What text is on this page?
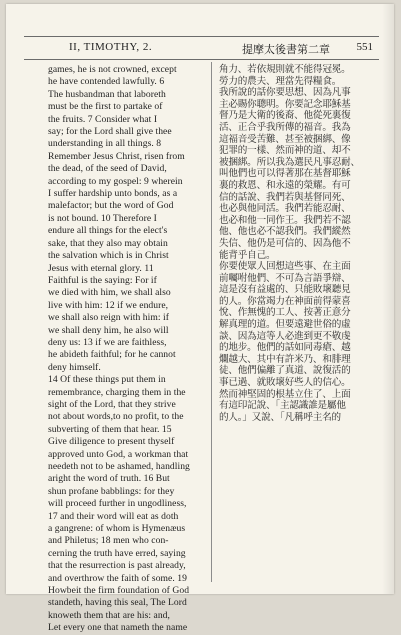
II, TIMOTHY, 2.	提摩太後書第二章 551
games, he is not crowned, except
he have contended lawfully. 6
The husbandman that laboreth
must be the first to partake of
the fruits. 7 Consider what I
say; for the Lord shall give thee
understanding in all things. 8
Remember Jesus Christ, risen from
the dead, of the seed of David,
according to my gospel: 9 wherein
I suffer hardship unto bonds, as a
malefactor; but the word of God
is not bound. 10 Therefore I
endure all things for the elect's
sake, that they also may obtain
the salvation which is in Christ
Jesus with eternal glory. 11
Faithful is the saying: For if
we died with him, we shall also
live with him: 12 if we endure,
we shall also reign with him: if
we shall deny him, he also will
deny us: 13 if we are faithless,
he abideth faithful; for he cannot
deny himself.
14 Of these things put them in
remembrance, charging them in the
sight of the Lord, that they strive
not about words,to no profit, to the
subverting of them that hear. 15
Give diligence to present thyself
approved unto God, a workman that
needeth not to be ashamed, handling
aright the word of truth. 16 But
shun profane babblings: for they
will proceed further in ungodliness,
17 and their word will eat as doth
a gangrene: of whom is Hymenæus
and Philetus; 18 men who con-
cerning the truth have erred, saying
that the resurrection is past already,
and overthrow the faith of some. 19
Howbeit the firm foundation of God
standeth, having this seal, The Lord
knoweth them that are his: and,
Let every one that nameth the name
角力、若依規則就不能得冠冕。
勞力的農夫、理當先得糧食。
我所說的話你要思想、因為凡事
主必賜你聰明。你要記念耶穌基
督乃是大衛的後裔、他從死裏復
活、正合乎我所傳的福音。我為
這福音受苦難、甚至被捆綁、像
犯罪的一樣、然而神的道、却不
被捆綁。所以我為選民凡事忍耐、
叫他們也可以得著那在基督耶穌
裏的救恩、和永遠的榮耀。有可
信的話說、我們若與基督同死、
也必與他同活。我們若能忍耐、
也必和他一同作王。我們若不認
他、他也必不認我們。我們縱然
失信、他仍是可信的、因為他不
能背乎自己。
你要使眾人回想這些事、在主面
前囑咐他們、不可為言語爭辯、
這是沒有益處的、只能敗壞聽見
的人。你當竭力在神面前得蒙喜
悅、作無愧的工人、按著正意分
解真理的道。但要遠避世俗的虛
談、因為這等人必進到更不敬虔
的地步。他們的話如同毒瘡、越
爛越大、其中有許米乃、和腓理
徒、他們偏離了真道、說復活的
事已過、就敗壞好些人的信心。
然而神堅固的根基立住了、上面
有這印記說、「主認識誰是屬他
的人。」又說、「凡稱呼主名的
